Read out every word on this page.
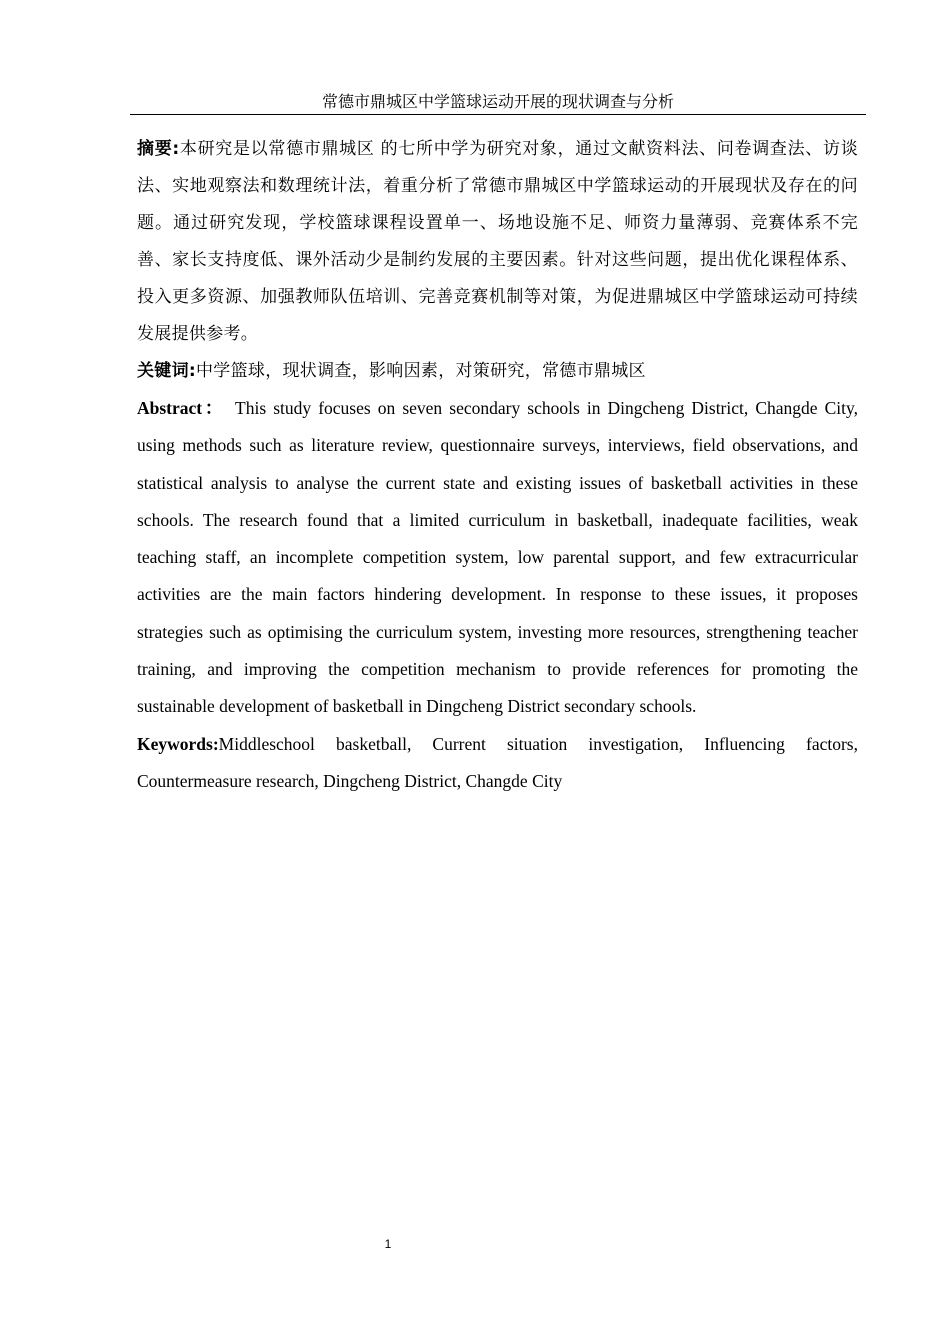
常德市鼎城区中学篮球运动开展的现状调查与分析

摘要:本研究是以常德市鼎城区 的七所中学为研究对象，通过文献资料法、问卷调查法、访谈法、实地观察法和数理统计法，着重分析了常德市鼎城区中学篮球运动的开展现状及存在的问题。通过研究发现，学校篮球课程设置单一、场地设施不足、师资力量薄弱、竞赛体系不完善、家长支持度低、课外活动少是制约发展的主要因素。针对这些问题，提出优化课程体系、投入更多资源、加强教师队伍培训、完善竞赛机制等对策，为促进鼎城区中学篮球运动可持续发展提供参考。

关键词:中学篮球，现状调查，影响因素，对策研究，常德市鼎城区

Abstract： This study focuses on seven secondary schools in Dingcheng District, Changde City, using methods such as literature review, questionnaire surveys, interviews, field observations, and statistical analysis to analyse the current state and existing issues of basketball activities in these schools. The research found that a limited curriculum in basketball, inadequate facilities, weak teaching staff, an incomplete competition system, low parental support, and few extracurricular activities are the main factors hindering development. In response to these issues, it proposes strategies such as optimising the curriculum system, investing more resources, strengthening teacher training, and improving the competition mechanism to provide references for promoting the sustainable development of basketball in Dingcheng District secondary schools.

Keywords:Middleschool basketball, Current situation investigation, Influencing factors, Countermeasure research, Dingcheng District, Changde City

1
